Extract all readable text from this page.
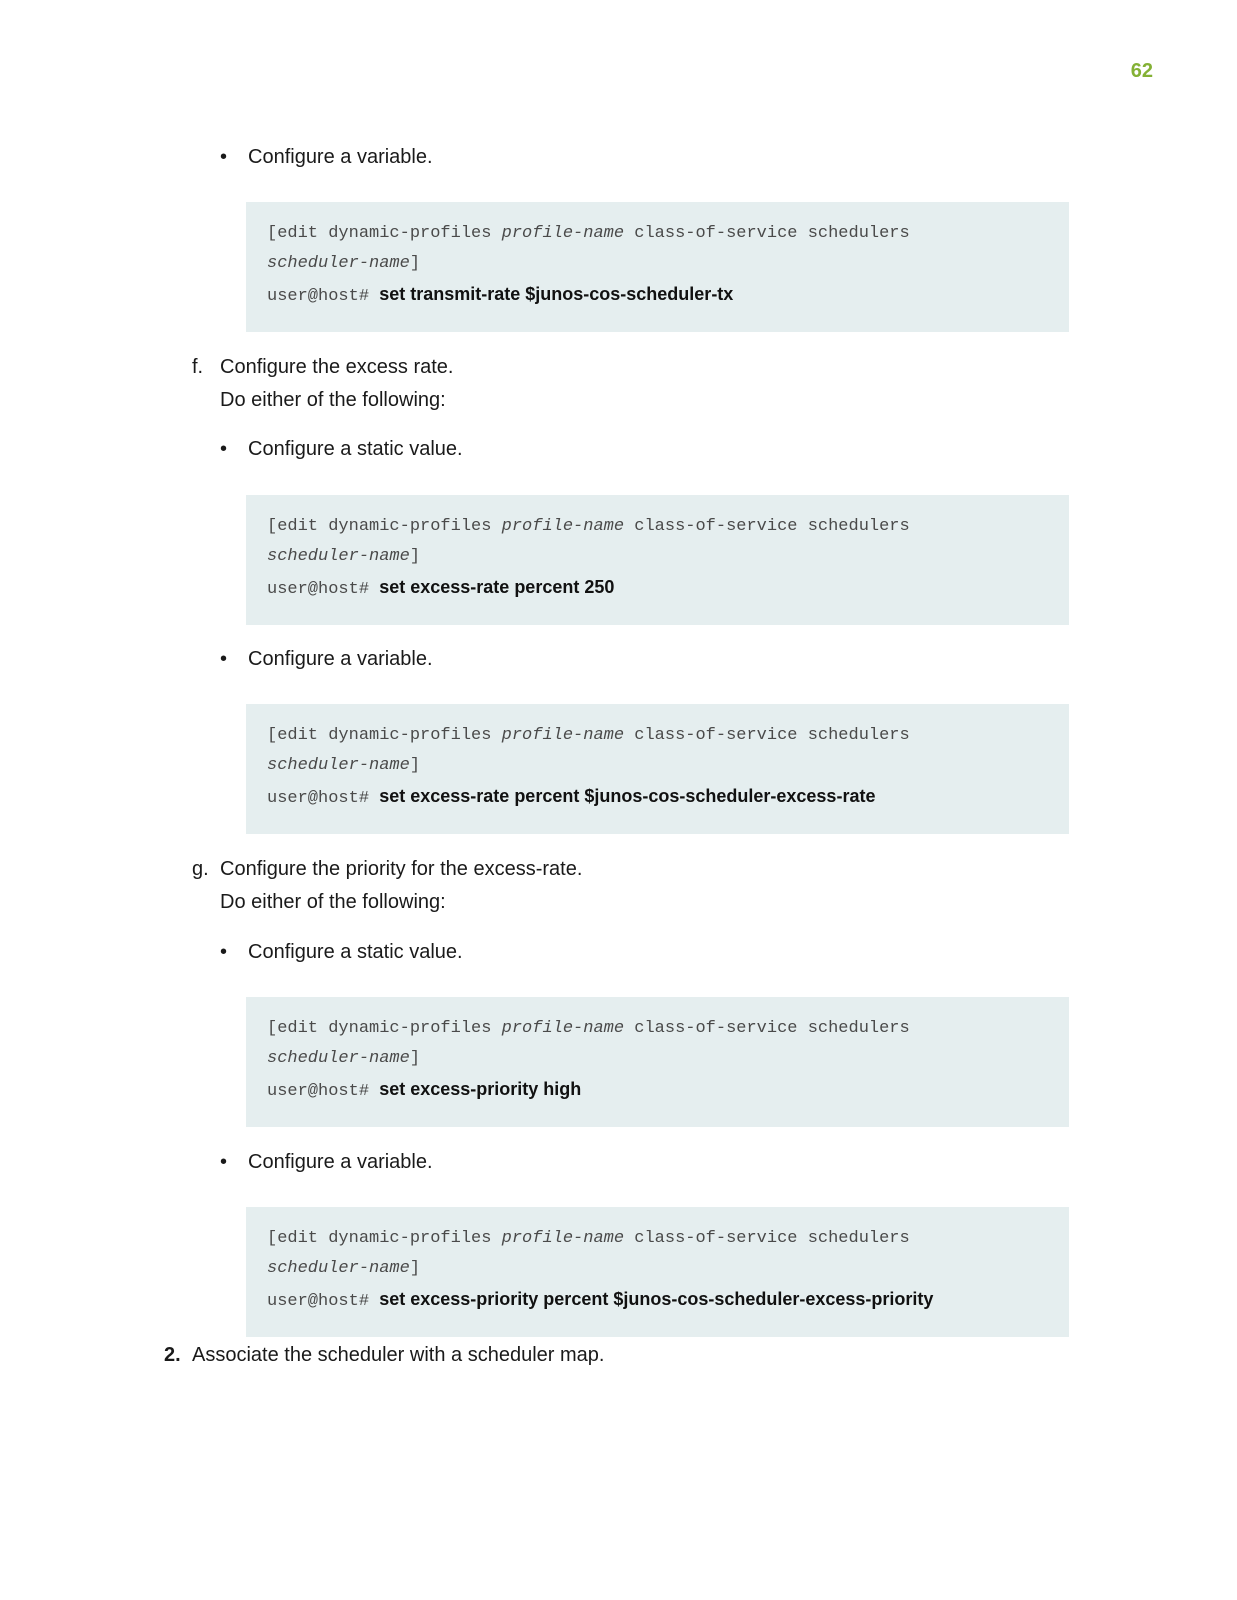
62
• Configure a variable.
[edit dynamic-profiles profile-name class-of-service schedulers
scheduler-name]
user@host# set transmit-rate $junos-cos-scheduler-tx
f. Configure the excess rate.
Do either of the following:
• Configure a static value.
[edit dynamic-profiles profile-name class-of-service schedulers
scheduler-name]
user@host# set excess-rate percent 250
• Configure a variable.
[edit dynamic-profiles profile-name class-of-service schedulers
scheduler-name]
user@host# set excess-rate percent $junos-cos-scheduler-excess-rate
g. Configure the priority for the excess-rate.
Do either of the following:
• Configure a static value.
[edit dynamic-profiles profile-name class-of-service schedulers
scheduler-name]
user@host# set excess-priority high
• Configure a variable.
[edit dynamic-profiles profile-name class-of-service schedulers
scheduler-name]
user@host# set excess-priority percent $junos-cos-scheduler-excess-priority
2. Associate the scheduler with a scheduler map.
